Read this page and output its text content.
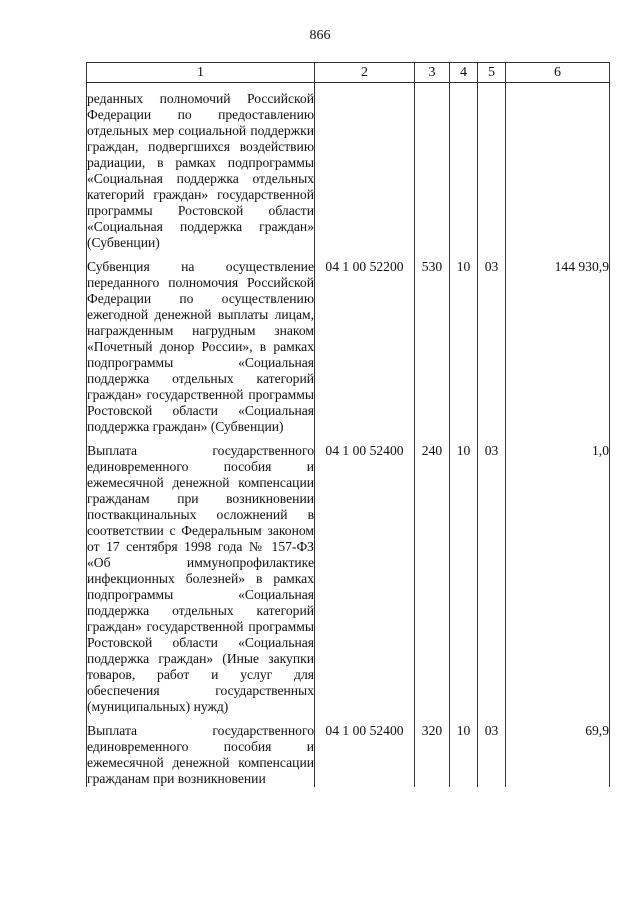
866
1	2	3	4	5	6

реданных полномочий Российской Федерации по предоставлению отдельных мер социальной поддержки граждан, подвергшихся воздействию радиации, в рамках подпрограммы «Социальная поддержка отдельных категорий граждан» государственной программы Ростовской области «Социальная поддержка граждан» (Субвенции)					

Субвенция на осуществление переданного полномочия Российской Федерации по осуществлению ежегодной денежной выплаты лицам, награжденным нагрудным знаком «Почетный донор России», в рамках подпрограммы «Социальная поддержка отдельных категорий граждан» государственной программы Ростовской области «Социальная поддержка граждан» (Субвенции)	04 1 00 52200	530	10	03	144 930,9

Выплата государственного единовременного пособия и ежемесячной денежной компенсации гражданам при возникновении поствакцинальных осложнений в соответствии с Федеральным законом от 17 сентября 1998 года № 157-ФЗ «Об иммунопрофилактике инфекционных болезней» в рамках подпрограммы «Социальная поддержка отдельных категорий граждан» государственной программы Ростовской области «Социальная поддержка граждан» (Иные закупки товаров, работ и услуг для обеспечения государственных (муниципальных) нужд)	04 1 00 52400	240	10	03	1,0

Выплата государственного единовременного пособия и ежемесячной денежной компенсации гражданам при возникновении	04 1 00 52400	320	10	03	69,9
